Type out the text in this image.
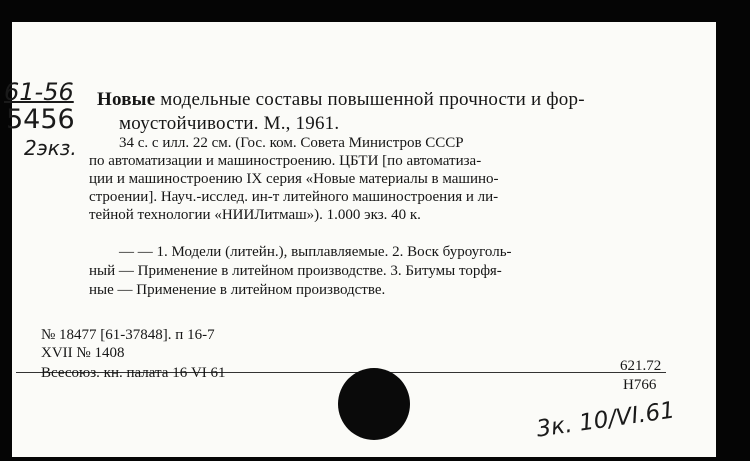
61-56
5456
2экз.
Новые модельные составы повышенной прочности и фор-
моустойчивости. М., 1961.
34 с. с илл. 22 см. (Гос. ком. Совета Министров СССР
по автоматизации и машиностроению. ЦБТИ [по автоматиза-
ции и машиностроению IX серия «Новые материалы в машино-
строении]. Науч.-исслед. ин-т литейного машиностроения и ли-
тейной технологии «НИИЛитмаш»). 1.000 экз. 40 к.
— — 1. Модели (литейн.), выплавляемые. 2. Воск буроуголь-
ный — Применение в литейном производстве. 3. Битумы торфя-
ные — Применение в литейном производстве.
№ 18477 [61-37848]. п 16-7
XVII № 1408
Всесоюз. кн. палата 16 VI 61	621.72
Н766
3к. 10/VI.61
